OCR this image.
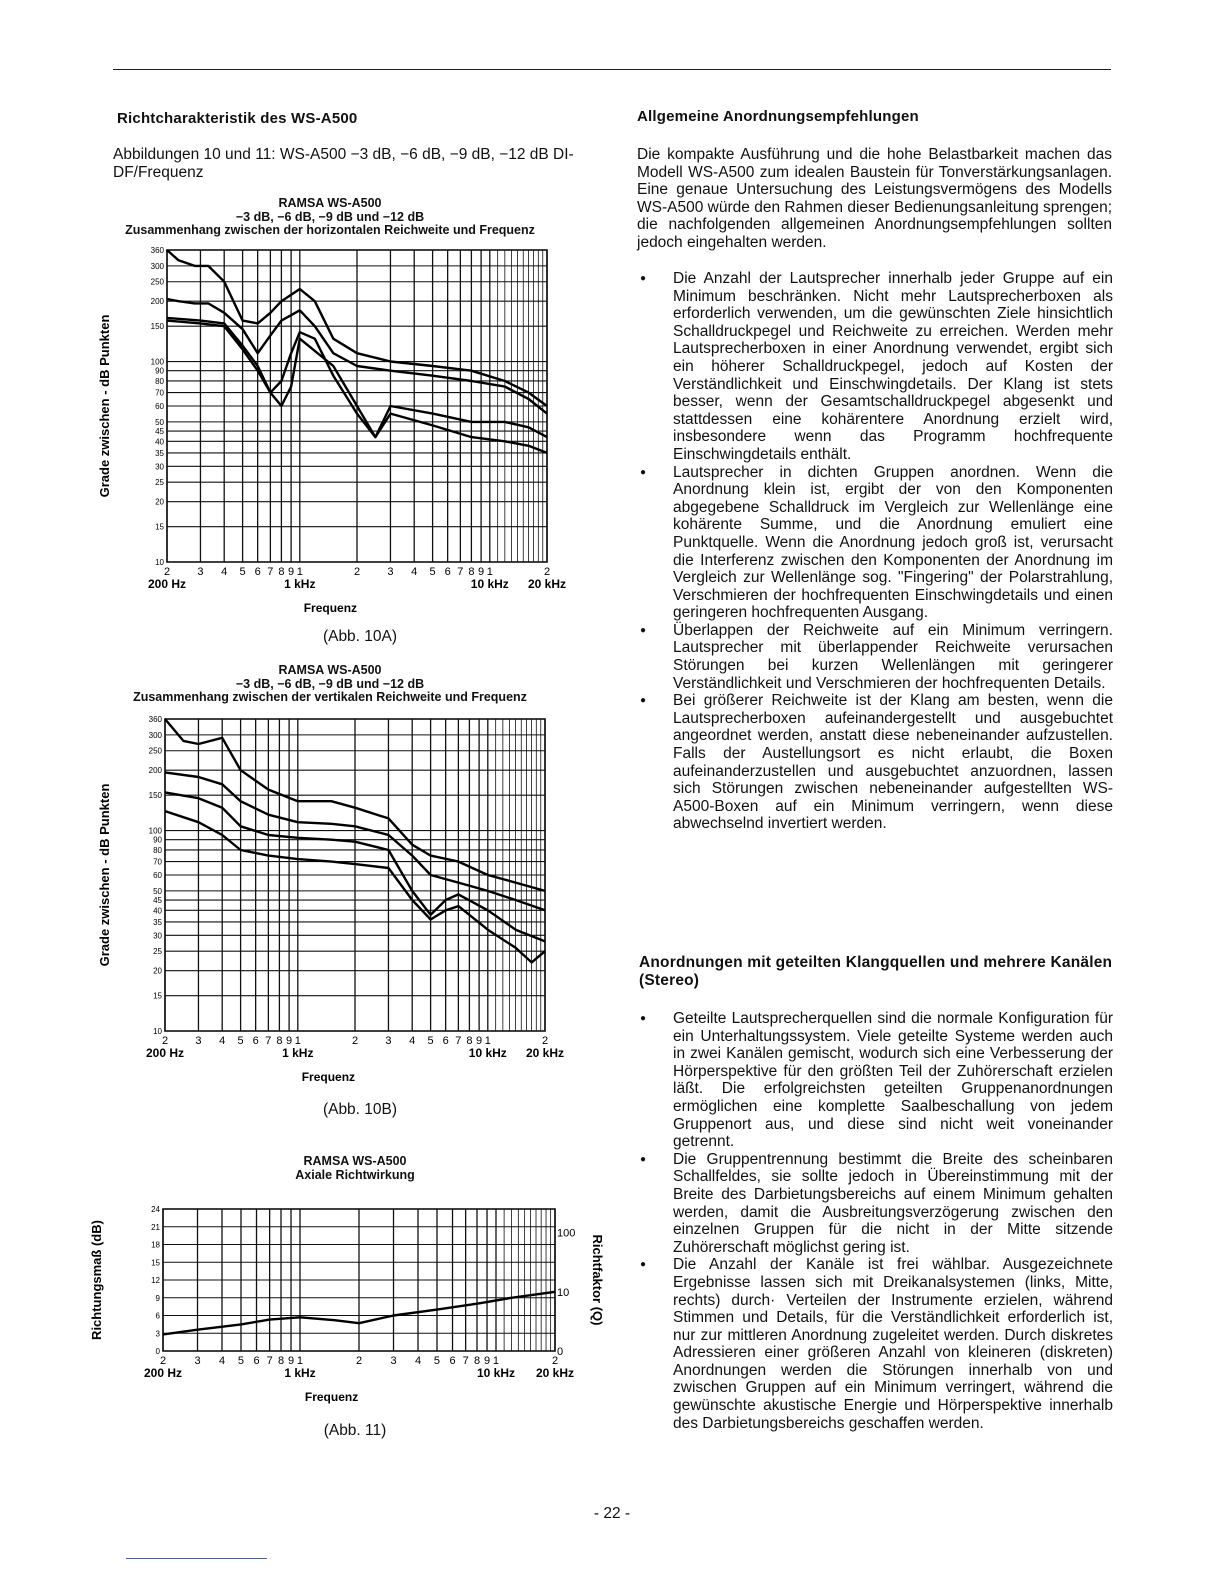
Richtcharakteristik des WS-A500
Abbildungen 10 und 11: WS-A500 −3 dB, −6 dB, −9 dB, −12 dB DI-DF/Frequenz
RAMSA WS-A500
−3 dB, −6 dB, −9 dB und −12 dB
Zusammenhang zwischen der horizontalen Reichweite und Frequenz
2 3 4 5 6 7 8 9 1	2 3 4 5 6 7 8 9 1	2
200 Hz	1 kHz	10 kHz 20 kHz
360
300
250
200
150
100
90
80
70
60
50
45
40
35
30
25
20
15
10
Frequenz
Grade zwischen - dB Punkten
(Abb. 10A)
RAMSA WS-A500
−3 dB, −6 dB, −9 dB und −12 dB
Zusammenhang zwischen der vertikalen Reichweite und Frequenz
2 3 4 5 6 7 8 9 1	2 3 4 5 6 7 8 9 1	2
200 Hz	1 kHz	10 kHz 20 kHz
360
300
250
200
150
100
90
80
70
60
50
45
40
35
30
25
20
15
10
Frequenz
Grade zwischen - dB Punkten
(Abb. 10B)
RAMSA WS-A500
Axiale Richtwirkung
2	3 4 5 6 7 8 9 1	2	3 4 5 6 7 8 9 1	2
200 Hz	1 kHz	10 kHz 20 kHz
24
21
18
15
12
9
6
3
0
Frequenz
Richtungsmaß (dB)	100
10
0
Richtfaktor (Q)
(Abb. 11)
Allgemeine Anordnungsempfehlungen
Die kompakte Ausführung und die hohe Belastbarkeit machen das Modell WS-A500 zum idealen Baustein für Tonverstärkungsanlagen. Eine genaue Untersuchung des Leistungsvermögens des Modells WS-A500 würde den Rahmen dieser Bedienungsanleitung sprengen; die nachfolgenden allgemeinen Anordnungsempfehlungen sollten jedoch eingehalten werden.
● Die Anzahl der Lautsprecher innerhalb jeder Gruppe auf ein Minimum beschränken. Nicht mehr Lautsprecherboxen als erforderlich verwenden, um die gewünschten Ziele hinsichtlich Schalldruckpegel und Reichweite zu erreichen. Werden mehr Lautsprecherboxen in einer Anordnung verwendet, ergibt sich ein höherer Schalldruckpegel, jedoch auf Kosten der Verständlichkeit und Einschwingdetails. Der Klang ist stets besser, wenn der Gesamtschalldruckpegel abgesenkt und stattdessen eine kohärentere Anordnung erzielt wird, insbesondere wenn das Programm hochfrequente Einschwingdetails enthält.
● Lautsprecher in dichten Gruppen anordnen. Wenn die Anordnung klein ist, ergibt der von den Komponenten abgegebene Schalldruck im Vergleich zur Wellenlänge eine kohärente Summe, und die Anordnung emuliert eine Punktquelle. Wenn die Anordnung jedoch groß ist, verursacht die Interferenz zwischen den Komponenten der Anordnung im Vergleich zur Wellenlänge sog. "Fingering" der Polarstrahlung, Verschmieren der hochfrequenten Einschwingdetails und einen geringeren hochfrequenten Ausgang.
● Überlappen der Reichweite auf ein Minimum verringern. Lautsprecher mit überlappender Reichweite verursachen Störungen bei kurzen Wellenlängen mit geringerer Verständlichkeit und Verschmieren der hochfrequenten Details.
● Bei größerer Reichweite ist der Klang am besten, wenn die Lautsprecherboxen aufeinandergestellt und ausgebuchtet angeordnet werden, anstatt diese nebeneinander aufzustellen. Falls der Austellungsort es nicht erlaubt, die Boxen aufeinanderzustellen und ausgebuchtet anzuordnen, lassen sich Störungen zwischen nebeneinander aufgestellten WS-A500-Boxen auf ein Minimum verringern, wenn diese abwechselnd invertiert werden.
Anordnungen mit geteilten Klangquellen und mehrere Kanälen (Stereo)
● Geteilte Lautsprecherquellen sind die normale Konfiguration für ein Unterhaltungssystem. Viele geteilte Systeme werden auch in zwei Kanälen gemischt, wodurch sich eine Verbesserung der Hörperspektive für den größten Teil der Zuhörerschaft erzielen läßt. Die erfolgreichsten geteilten Gruppenanordnungen ermöglichen eine komplette Saalbeschallung von jedem Gruppenort aus, und diese sind nicht weit voneinander getrennt.
● Die Gruppentrennung bestimmt die Breite des scheinbaren Schallfeldes, sie sollte jedoch in Übereinstimmung mit der Breite des Darbietungsbereichs auf einem Minimum gehalten werden, damit die Ausbreitungsverzögerung zwischen den einzelnen Gruppen für die nicht in der Mitte sitzende Zuhörerschaft möglichst gering ist.
● Die Anzahl der Kanäle ist frei wählbar. Ausgezeichnete Ergebnisse lassen sich mit Dreikanalsystemen (links, Mitte, rechts) durch· Verteilen der Instrumente erzielen, während Stimmen und Details, für die Verständlichkeit erforderlich ist, nur zur mittleren Anordnung zugeleitet werden. Durch diskretes Adressieren einer größeren Anzahl von kleineren (diskreten) Anordnungen werden die Störungen innerhalb von und zwischen Gruppen auf ein Minimum verringert, während die gewünschte akustische Energie und Hörperspektive innerhalb des Darbietungsbereichs geschaffen werden.
- 22 -
